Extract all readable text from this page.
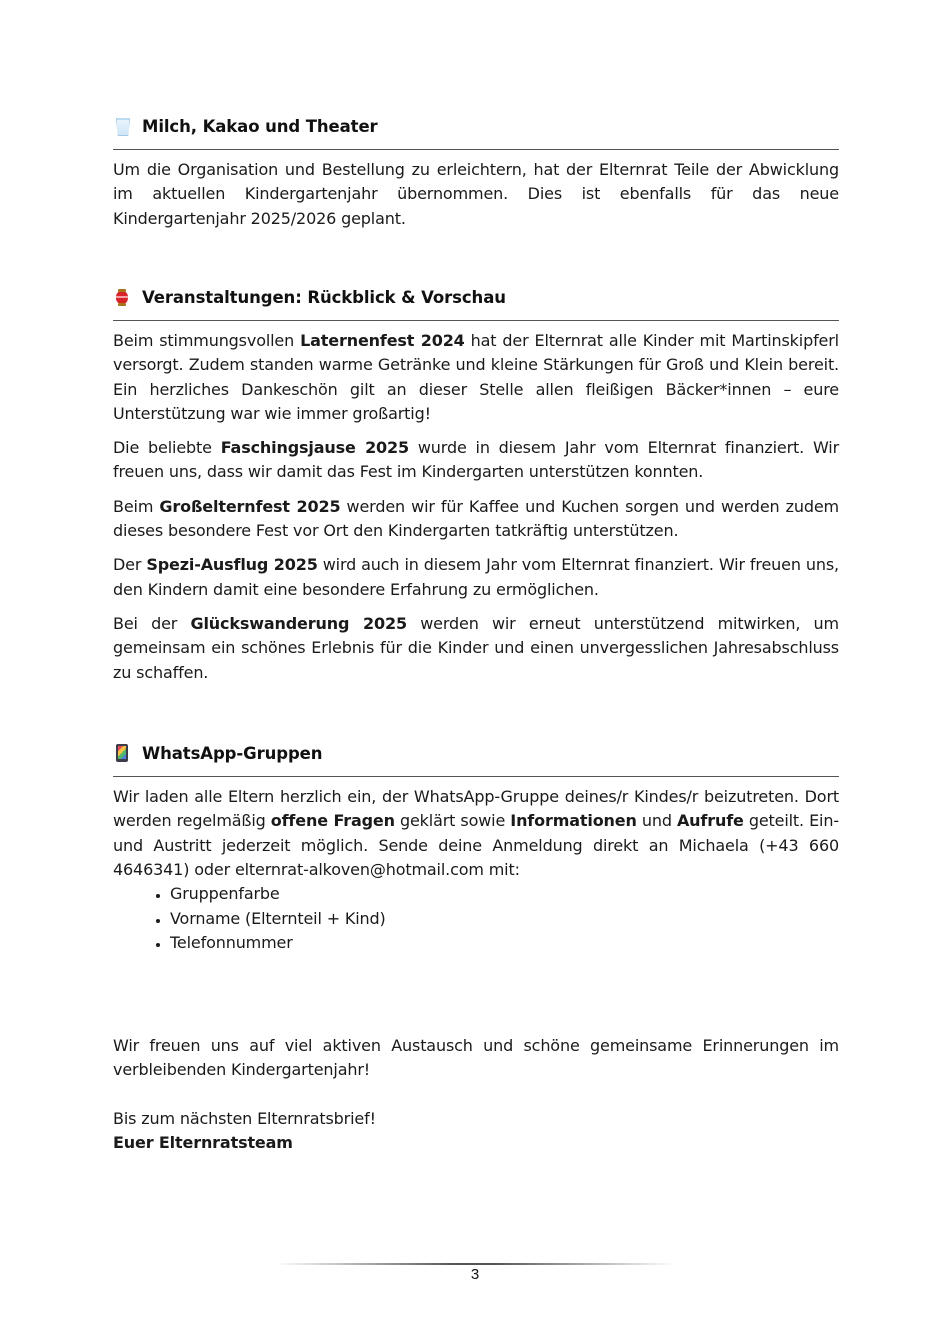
Milch, Kakao und Theater

Um die Organisation und Bestellung zu erleichtern, hat der Elternrat Teile der Abwicklung im aktuellen Kindergartenjahr übernommen. Dies ist ebenfalls für das neue Kindergartenjahr 2025/2026 geplant.

Veranstaltungen: Rückblick & Vorschau

Beim stimmungsvollen Laternenfest 2024 hat der Elternrat alle Kinder mit Martinskipferl versorgt. Zudem standen warme Getränke und kleine Stärkungen für Groß und Klein bereit. Ein herzliches Dankeschön gilt an dieser Stelle allen fleißigen Bäcker*innen – eure Unterstützung war wie immer großartig!

Die beliebte Faschingsjause 2025 wurde in diesem Jahr vom Elternrat finanziert. Wir freuen uns, dass wir damit das Fest im Kindergarten unterstützen konnten.

Beim Großelternfest 2025 werden wir für Kaffee und Kuchen sorgen und werden zudem dieses besondere Fest vor Ort den Kindergarten tatkräftig unterstützen.

Der Spezi-Ausflug 2025 wird auch in diesem Jahr vom Elternrat finanziert. Wir freuen uns, den Kindern damit eine besondere Erfahrung zu ermöglichen.

Bei der Glückswanderung 2025 werden wir erneut unterstützend mitwirken, um gemeinsam ein schönes Erlebnis für die Kinder und einen unvergesslichen Jahresabschluss zu schaffen.

WhatsApp-Gruppen

Wir laden alle Eltern herzlich ein, der WhatsApp-Gruppe deines/r Kindes/r beizutreten. Dort werden regelmäßig offene Fragen geklärt sowie Informationen und Aufrufe geteilt. Ein- und Austritt jederzeit möglich. Sende deine Anmeldung direkt an Michaela (+43 660 4646341) oder elternrat-alkoven@hotmail.com mit:

• Gruppenfarbe
• Vorname (Elternteil + Kind)
• Telefonnummer

Wir freuen uns auf viel aktiven Austausch und schöne gemeinsame Erinnerungen im verbleibenden Kindergartenjahr!

Bis zum nächsten Elternratsbrief!

Euer Elternratsteam

3
